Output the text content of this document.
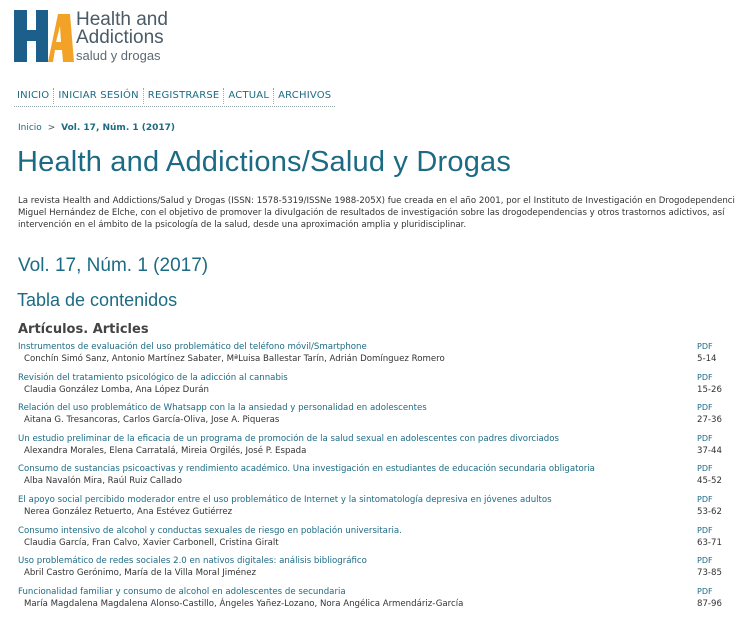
Health and
Addictions
salud y drogas
INICIO INICIAR SESIÓN REGISTRARSE ACTUAL ARCHIVOS
Inicio > Vol. 17, Núm. 1 (2017)
Health and Addictions/Salud y Drogas
La revista Health and Addictions/Salud y Drogas (ISSN: 1578-5319/ISSNe 1988-205X) fue creada en el año 2001, por el Instituto de Investigación en Drogodependenci
Miguel Hernández de Elche, con el objetivo de promover la divulgación de resultados de investigación sobre las drogodependencias y otros trastornos adictivos, así
intervención en el ámbito de la psicología de la salud, desde una aproximación amplia y pluridisciplinar.
Vol. 17, Núm. 1 (2017)
Tabla de contenidos
Artículos. Articles
Instrumentos de evaluación del uso problemático del teléfono móvil/Smartphone
Conchín Simó Sanz, Antonio Martínez Sabater, MªLuisa Ballestar Tarín, Adrián Domínguez Romero
PDF
5-14
Revisión del tratamiento psicológico de la adicción al cannabis
Claudia González Lomba, Ana López Durán
PDF
15-26
Relación del uso problemático de Whatsapp con la la ansiedad y personalidad en adolescentes
Aitana G. Tresancoras, Carlos García-Oliva, Jose A. Piqueras
PDF
27-36
Un estudio preliminar de la eficacia de un programa de promoción de la salud sexual en adolescentes con padres divorciados
Alexandra Morales, Elena Carratalá, Mireia Orgilés, José P. Espada
PDF
37-44
Consumo de sustancias psicoactivas y rendimiento académico. Una investigación en estudiantes de educación secundaria obligatoria
Alba Navalón Mira, Raúl Ruiz Callado
PDF
45-52
El apoyo social percibido moderador entre el uso problemático de Internet y la sintomatología depresiva en jóvenes adultos
Nerea González Retuerto, Ana Estévez Gutiérrez
PDF
53-62
Consumo intensivo de alcohol y conductas sexuales de riesgo en población universitaria.
Claudia García, Fran Calvo, Xavier Carbonell, Cristina Giralt
PDF
63-71
Uso problemático de redes sociales 2.0 en nativos digitales: análisis bibliográfico
Abril Castro Gerónimo, María de la Villa Moral Jiménez
PDF
73-85
Funcionalidad familiar y consumo de alcohol en adolescentes de secundaria
María Magdalena Magdalena Alonso-Castillo, Ángeles Yañez-Lozano, Nora Angélica Armendáriz-García
PDF
87-96
